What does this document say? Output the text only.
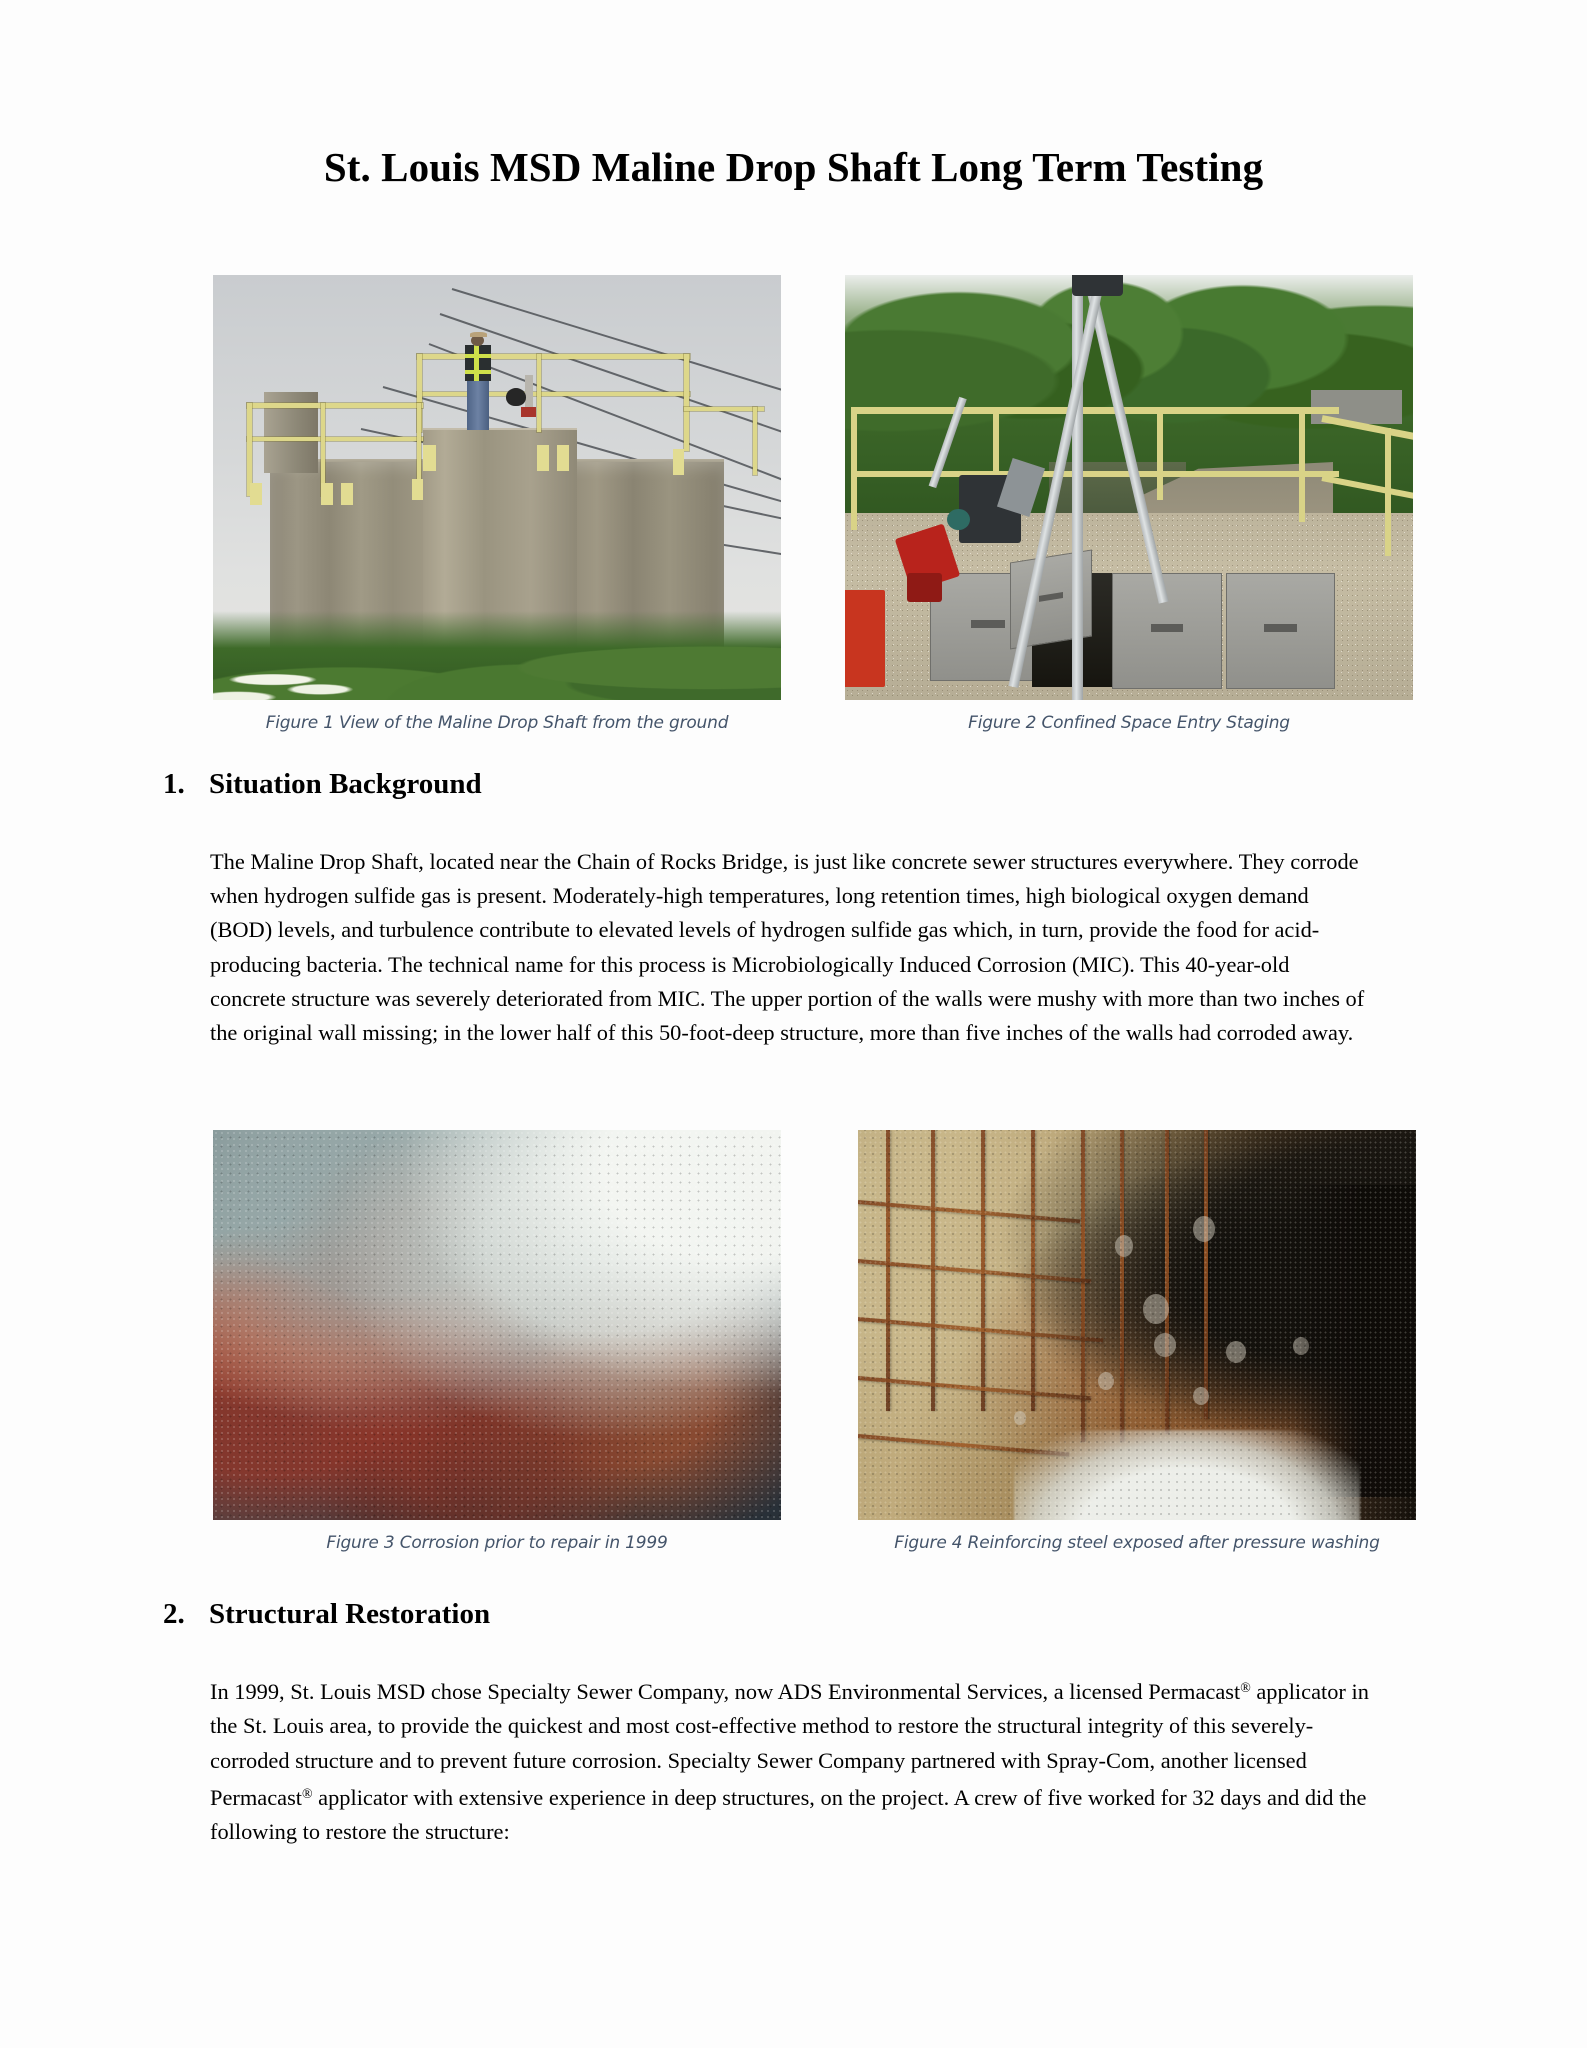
St. Louis MSD Maline Drop Shaft Long Term Testing
Figure 1 View of the Maline Drop Shaft from the ground	Figure 2 Confined Space Entry Staging
1. Situation Background
The Maline Drop Shaft, located near the Chain of Rocks Bridge, is just like concrete sewer structures everywhere. They corrode when hydrogen sulfide gas is present. Moderately-high temperatures, long retention times, high biological oxygen demand (BOD) levels, and turbulence contribute to elevated levels of hydrogen sulfide gas which, in turn, provide the food for acid-producing bacteria. The technical name for this process is Microbiologically Induced Corrosion (MIC). This 40-year-old concrete structure was severely deteriorated from MIC. The upper portion of the walls were mushy with more than two inches of the original wall missing; in the lower half of this 50-foot-deep structure, more than five inches of the walls had corroded away.
Figure 3 Corrosion prior to repair in 1999	Figure 4 Reinforcing steel exposed after pressure washing
2. Structural Restoration
In 1999, St. Louis MSD chose Specialty Sewer Company, now ADS Environmental Services, a licensed Permacast® applicator in the St. Louis area, to provide the quickest and most cost-effective method to restore the structural integrity of this severely-corroded structure and to prevent future corrosion. Specialty Sewer Company partnered with Spray-Com, another licensed Permacast® applicator with extensive experience in deep structures, on the project. A crew of five worked for 32 days and did the following to restore the structure:
